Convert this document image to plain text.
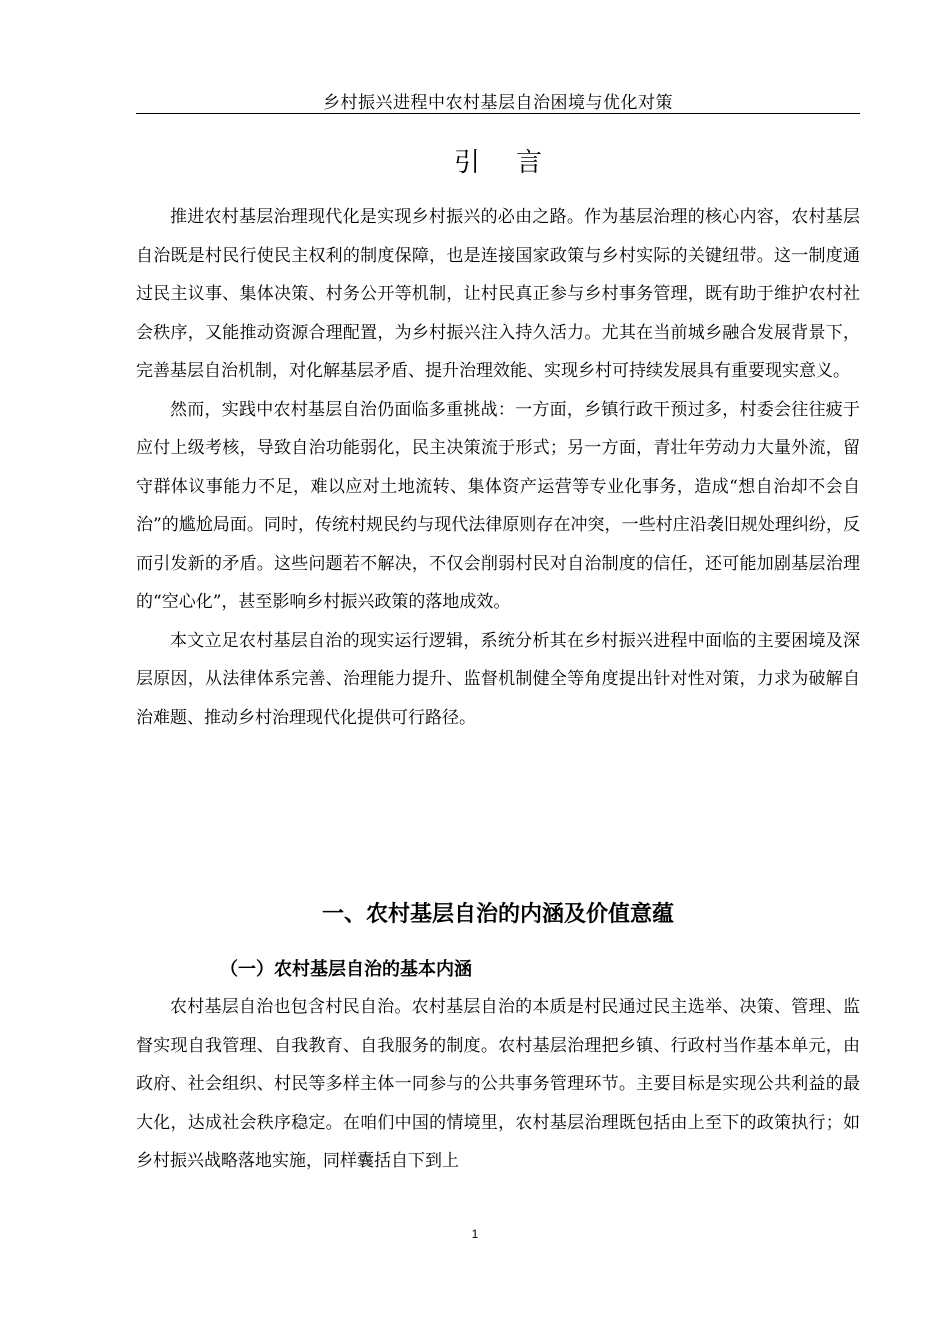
乡村振兴进程中农村基层自治困境与优化对策
引言

推进农村基层治理现代化是实现乡村振兴的必由之路。作为基层治理的核心内容，农村基层自治既是村民行使民主权利的制度保障，也是连接国家政策与乡村实际的关键纽带。这一制度通过民主议事、集体决策、村务公开等机制，让村民真正参与乡村事务管理，既有助于维护农村社会秩序，又能推动资源合理配置，为乡村振兴注入持久活力。尤其在当前城乡融合发展背景下，完善基层自治机制，对化解基层矛盾、提升治理效能、实现乡村可持续发展具有重要现实意义。

然而，实践中农村基层自治仍面临多重挑战：一方面，乡镇行政干预过多，村委会往往疲于应付上级考核，导致自治功能弱化，民主决策流于形式；另一方面，青壮年劳动力大量外流，留守群体议事能力不足，难以应对土地流转、集体资产运营等专业化事务，造成“想自治却不会自治”的尴尬局面。同时，传统村规民约与现代法律原则存在冲突，一些村庄沿袭旧规处理纠纷，反而引发新的矛盾。这些问题若不解决，不仅会削弱村民对自治制度的信任，还可能加剧基层治理的“空心化”，甚至影响乡村振兴政策的落地成效。

本文立足农村基层自治的现实运行逻辑，系统分析其在乡村振兴进程中面临的主要困境及深层原因，从法律体系完善、治理能力提升、监督机制健全等角度提出针对性对策，力求为破解自治难题、推动乡村治理现代化提供可行路径。

一、农村基层自治的内涵及价值意蕴
（一）农村基层自治的基本内涵

农村基层自治也包含村民自治。农村基层自治的本质是村民通过民主选举、决策、管理、监督实现自我管理、自我教育、自我服务的制度。农村基层治理把乡镇、行政村当作基本单元，由政府、社会组织、村民等多样主体一同参与的公共事务管理环节。主要目标是实现公共利益的最大化，达成社会秩序稳定。在咱们中国的情境里，农村基层治理既包括由上至下的政策执行；如乡村振兴战略落地实施，同样囊括自下到上

1
